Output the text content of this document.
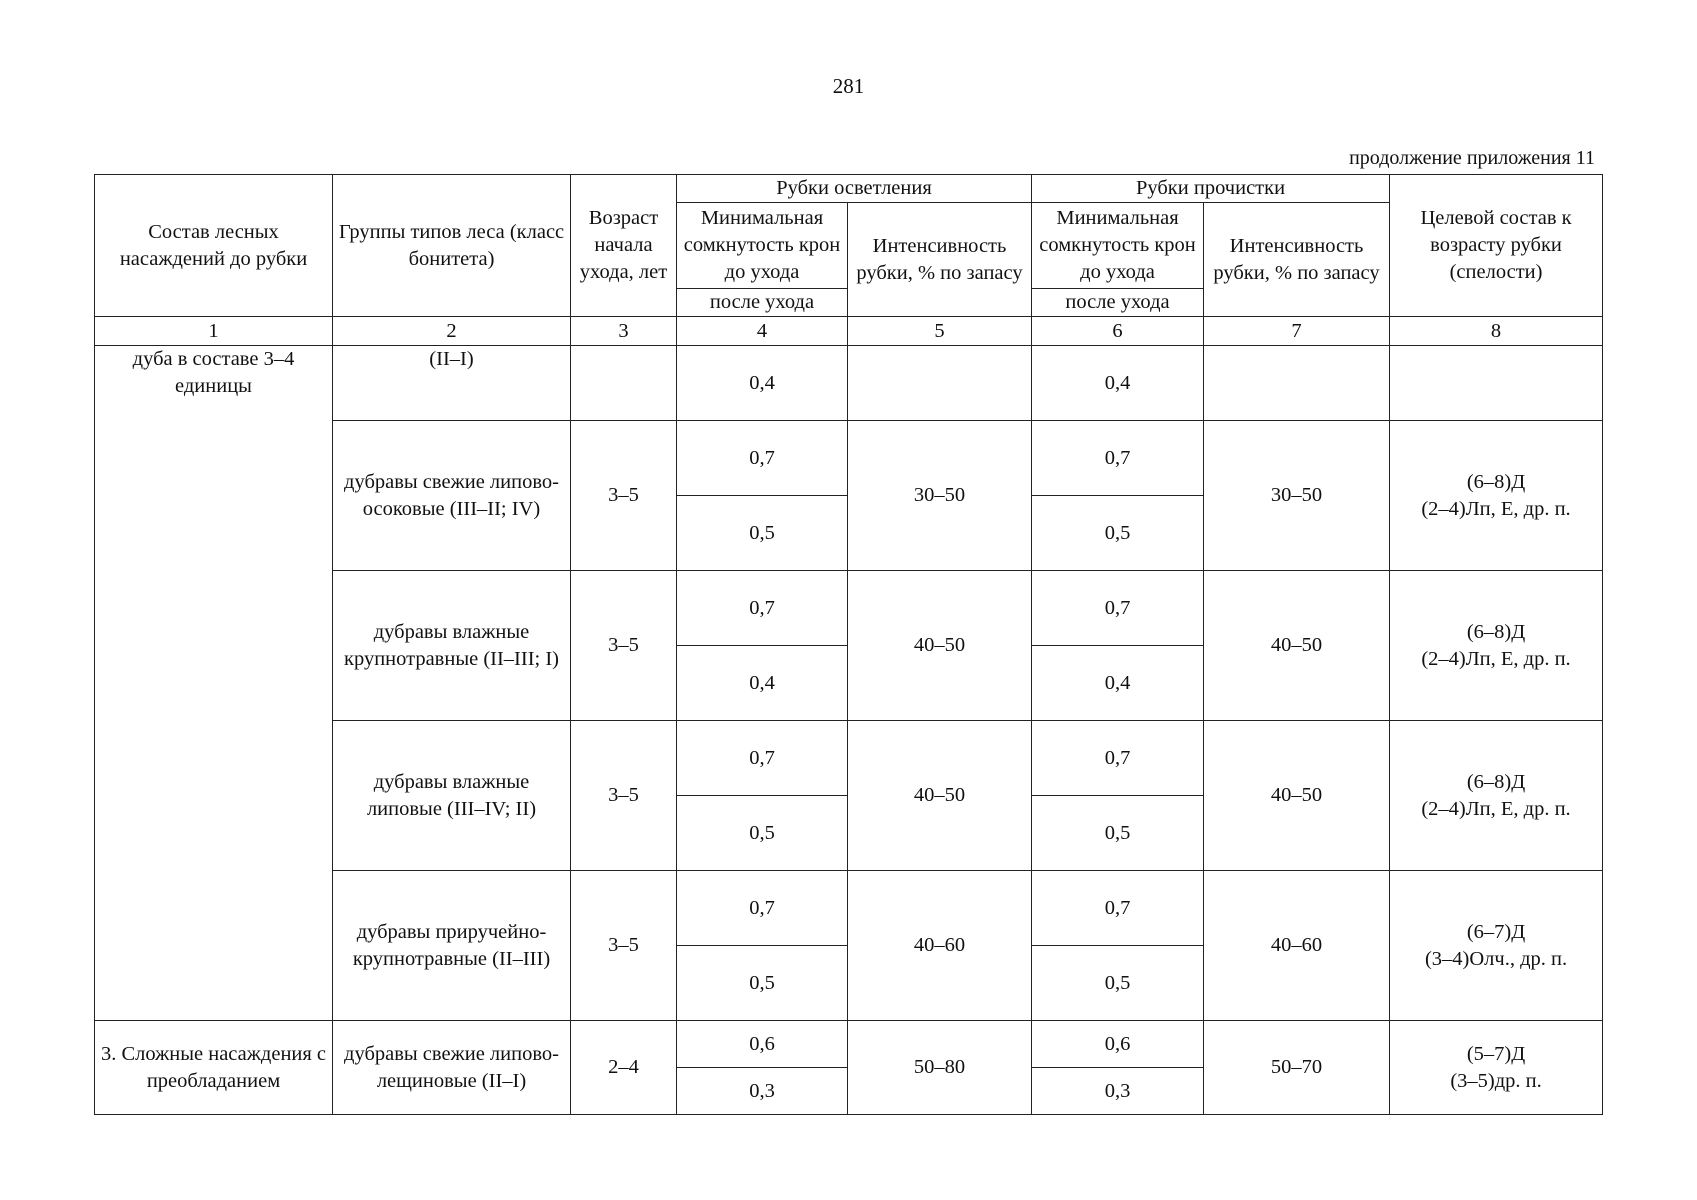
281
продолжение приложения 11
Состав лесных насаждений до рубки	Группы типов леса (класс бонитета)	Возраст начала ухода, лет	Рубки осветления		Рубки прочистки		Целевой состав к возрасту рубки (спелости)
			Минимальная сомкнутость крон до ухода	Интенсивность рубки, % по запасу	Минимальная сомкнутость крон до ухода	Интенсивность рубки, % по запасу	
			после ухода		после ухода		
1	2	3	4	5	6	7	8
дуба в составе 3–4 единицы	(II–I)		0,4		0,4		
	дубравы свежие липово-осоковые (III–II; IV)	3–5	0,7	30–50	0,7	30–50	(6–8)Д
(2–4)Лп, Е, др. п.

			0,5		0,5		
	дубравы влажные крупнотравные (II–III; I)	3–5	0,7	40–50	0,7	40–50	(6–8)Д
(2–4)Лп, Е, др. п.

			0,4		0,4		
	дубравы влажные липовые (III–IV; II)	3–5	0,7	40–50	0,7	40–50	(6–8)Д
(2–4)Лп, Е, др. п.

			0,5		0,5		
	дубравы приручейно-крупнотравные (II–III)	3–5	0,7	40–60	0,7	40–60	(6–7)Д
(3–4)Олч., др. п.

			0,5		0,5		
3. Сложные насаждения с преобладанием	дубравы свежие липово-лещиновые (II–I)	2–4	0,6	50–80	0,6	50–70	(5–7)Д
(3–5)др. п.

			0,3		0,3		
